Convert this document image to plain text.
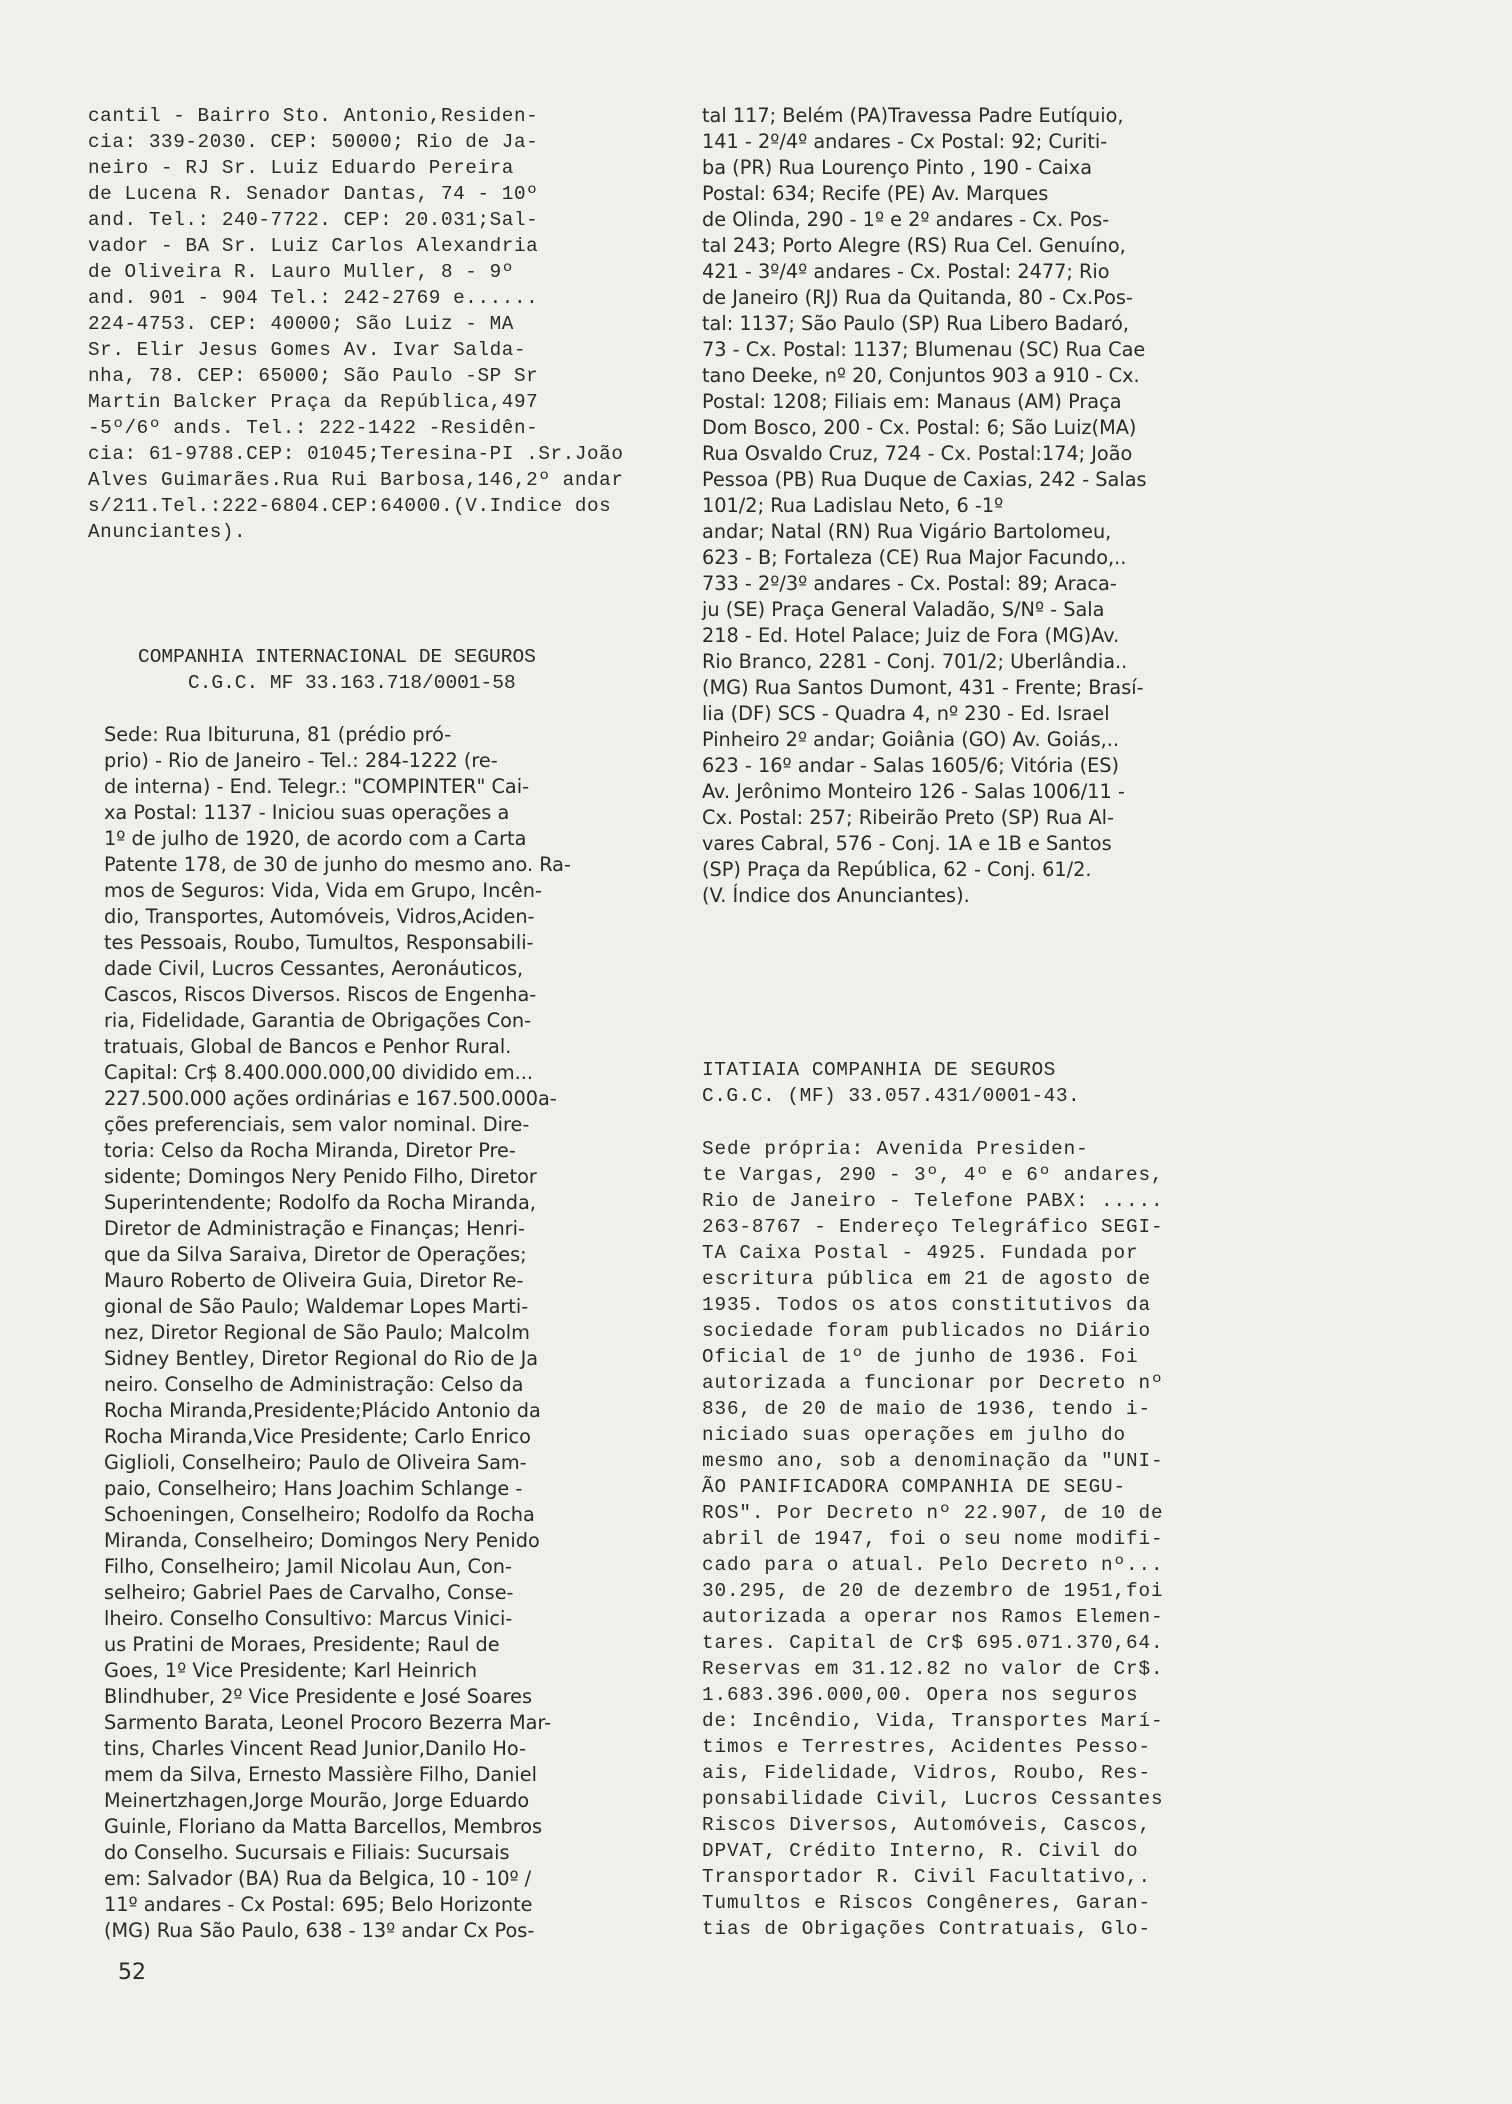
cantil - Bairro Sto. Antonio,Residen-
cia: 339-2030. CEP: 50000; Rio de Ja-
neiro - RJ Sr. Luiz Eduardo Pereira
de Lucena R. Senador Dantas, 74 - 10º
and. Tel.: 240-7722. CEP: 20.031;Sal-
vador - BA Sr. Luiz Carlos Alexandria
de Oliveira R. Lauro Muller, 8 - 9º
and. 901 - 904 Tel.: 242-2769 e......
224-4753. CEP: 40000; São Luiz - MA
Sr. Elir Jesus Gomes Av. Ivar Salda-
nha, 78. CEP: 65000; São Paulo -SP Sr
Martin Balcker Praça da República,497
-5º/6º ands. Tel.: 222-1422 -Residên-
cia: 61-9788.CEP: 01045;Teresina-PI .Sr.João
Alves Guimarães.Rua Rui Barbosa,146,2º andar
s/211.Tel.:222-6804.CEP:64000.(V.Indice dos
Anunciantes).
COMPANHIA INTERNACIONAL DE SEGUROS
C.G.C. MF 33.163.718/0001-58
Sede: Rua Ibituruna, 81 (prédio pró-
prio) - Rio de Janeiro - Tel.: 284-1222 (re-
de interna) - End. Telegr.: "COMPINTER" Cai-
xa Postal: 1137 - Iniciou suas operações a
1º de julho de 1920, de acordo com a Carta
Patente 178, de 30 de junho do mesmo ano. Ra-
mos de Seguros: Vida, Vida em Grupo, Incên-
dio, Transportes, Automóveis, Vidros,Aciden-
tes Pessoais, Roubo, Tumultos, Responsabili-
dade Civil, Lucros Cessantes, Aeronáuticos,
Cascos, Riscos Diversos. Riscos de Engenha-
ria, Fidelidade, Garantia de Obrigações Con-
tratuais, Global de Bancos e Penhor Rural.
Capital: Cr$ 8.400.000.000,00 dividido em...
227.500.000 ações ordinárias e 167.500.000a-
ções preferenciais, sem valor nominal. Dire-
toria: Celso da Rocha Miranda, Diretor Pre-
sidente; Domingos Nery Penido Filho, Diretor
Superintendente; Rodolfo da Rocha Miranda,
Diretor de Administração e Finanças; Henri-
que da Silva Saraiva, Diretor de Operações;
Mauro Roberto de Oliveira Guia, Diretor Re-
gional de São Paulo; Waldemar Lopes Marti-
nez, Diretor Regional de São Paulo; Malcolm
Sidney Bentley, Diretor Regional do Rio de Ja
neiro. Conselho de Administração: Celso da
Rocha Miranda,Presidente;Plácido Antonio da
Rocha Miranda,Vice Presidente; Carlo Enrico
Giglioli, Conselheiro; Paulo de Oliveira Sam-
paio, Conselheiro; Hans Joachim Schlange -
Schoeningen, Conselheiro; Rodolfo da Rocha
Miranda, Conselheiro; Domingos Nery Penido
Filho, Conselheiro; Jamil Nicolau Aun, Con-
selheiro; Gabriel Paes de Carvalho, Conse-
lheiro. Conselho Consultivo: Marcus Vinici-
us Pratini de Moraes, Presidente; Raul de
Goes, 1º Vice Presidente; Karl Heinrich
Blindhuber, 2º Vice Presidente e José Soares
Sarmento Barata, Leonel Procoro Bezerra Mar-
tins, Charles Vincent Read Junior,Danilo Ho-
mem da Silva, Ernesto Massière Filho, Daniel
Meinertzhagen,Jorge Mourão, Jorge Eduardo
Guinle, Floriano da Matta Barcellos, Membros
do Conselho. Sucursais e Filiais: Sucursais
em: Salvador (BA) Rua da Belgica, 10 - 10º /
11º andares - Cx Postal: 695; Belo Horizonte
(MG) Rua São Paulo, 638 - 13º andar Cx Pos-
tal 117; Belém (PA)Travessa Padre Eutíquio,
141 - 2º/4º andares - Cx Postal: 92; Curiti-
ba (PR) Rua Lourenço Pinto , 190 - Caixa
Postal: 634; Recife (PE) Av. Marques
de Olinda, 290 - 1º e 2º andares - Cx. Pos-
tal 243; Porto Alegre (RS) Rua Cel. Genuíno,
421 - 3º/4º andares - Cx. Postal: 2477; Rio
de Janeiro (RJ) Rua da Quitanda, 80 - Cx.Pos-
tal: 1137; São Paulo (SP) Rua Libero Badaró,
73 - Cx. Postal: 1137; Blumenau (SC) Rua Cae
tano Deeke, nº 20, Conjuntos 903 a 910 - Cx.
Postal: 1208; Filiais em: Manaus (AM) Praça
Dom Bosco, 200 - Cx. Postal: 6; São Luiz(MA)
Rua Osvaldo Cruz, 724 - Cx. Postal:174; João
Pessoa (PB) Rua Duque de Caxias, 242 - Salas
101/2; Rua Ladislau Neto, 6 -1º
andar; Natal (RN) Rua Vigário Bartolomeu,
623 - B; Fortaleza (CE) Rua Major Facundo,..
733 - 2º/3º andares - Cx. Postal: 89; Araca-
ju (SE) Praça General Valadão, S/Nº - Sala
218 - Ed. Hotel Palace; Juiz de Fora (MG)Av.
Rio Branco, 2281 - Conj. 701/2; Uberlândia..
(MG) Rua Santos Dumont, 431 - Frente; Brasí-
lia (DF) SCS - Quadra 4, nº 230 - Ed. Israel
Pinheiro 2º andar; Goiânia (GO) Av. Goiás,..
623 - 16º andar - Salas 1605/6; Vitória (ES)
Av. Jerônimo Monteiro 126 - Salas 1006/11 -
Cx. Postal: 257; Ribeirão Preto (SP) Rua Al-
vares Cabral, 576 - Conj. 1A e 1B e Santos
(SP) Praça da República, 62 - Conj. 61/2.
(V. Índice dos Anunciantes).
ITATIAIA COMPANHIA DE SEGUROS
C.G.C. (MF) 33.057.431/0001-43.
Sede própria: Avenida Presiden-
te Vargas, 290 - 3º, 4º e 6º andares,
Rio de Janeiro - Telefone PABX: .....
263-8767 - Endereço Telegráfico SEGI-
TA Caixa Postal - 4925. Fundada por
escritura pública em 21 de agosto de
1935. Todos os atos constitutivos da
sociedade foram publicados no Diário
Oficial de 1º de junho de 1936. Foi
autorizada a funcionar por Decreto nº
836, de 20 de maio de 1936, tendo i-
niciado suas operações em julho do
mesmo ano, sob a denominação da "UNI-
ÃO PANIFICADORA COMPANHIA DE SEGU-
ROS". Por Decreto nº 22.907, de 10 de
abril de 1947, foi o seu nome modifi-
cado para o atual. Pelo Decreto nº...
30.295, de 20 de dezembro de 1951,foi
autorizada a operar nos Ramos Elemen-
tares. Capital de Cr$ 695.071.370,64.
Reservas em 31.12.82 no valor de Cr$.
1.683.396.000,00. Opera nos seguros
de: Incêndio, Vida, Transportes Marí-
timos e Terrestres, Acidentes Pesso-
ais, Fidelidade, Vidros, Roubo, Res-
ponsabilidade Civil, Lucros Cessantes
Riscos Diversos, Automóveis, Cascos,
DPVAT, Crédito Interno, R. Civil do
Transportador R. Civil Facultativo,.
Tumultos e Riscos Congêneres, Garan-
tias de Obrigações Contratuais, Glo-
52
